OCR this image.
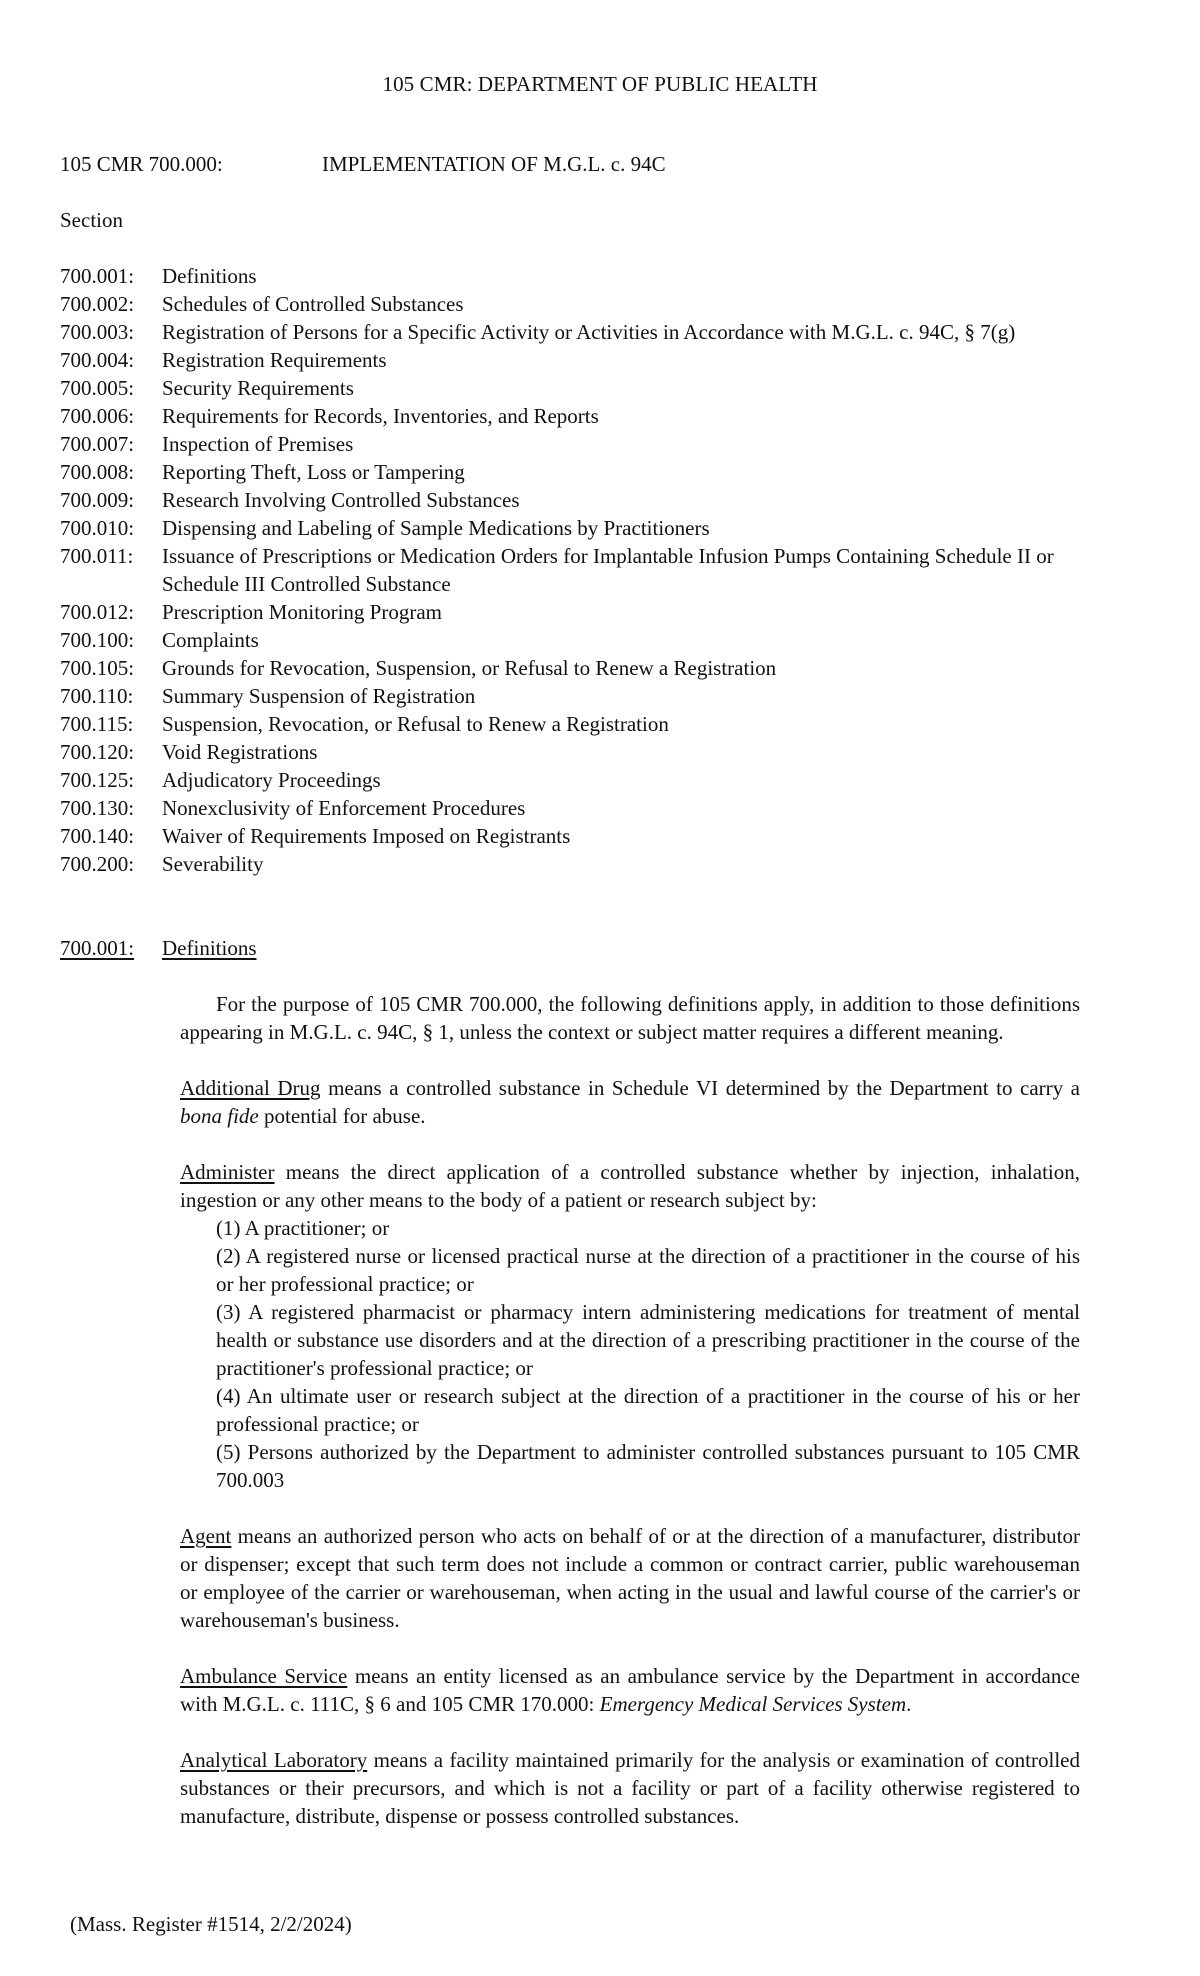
105 CMR: DEPARTMENT OF PUBLIC HEALTH
105 CMR 700.000:	IMPLEMENTATION OF M.G.L. c. 94C
Section
700.001:	Definitions
700.002:	Schedules of Controlled Substances
700.003:	Registration of Persons for a Specific Activity or Activities in Accordance with M.G.L. c. 94C, § 7(g)
700.004:	Registration Requirements
700.005:	Security Requirements
700.006:	Requirements for Records, Inventories, and Reports
700.007:	Inspection of Premises
700.008:	Reporting Theft, Loss or Tampering
700.009:	Research Involving Controlled Substances
700.010:	Dispensing and Labeling of Sample Medications by Practitioners
700.011:	Issuance of Prescriptions or Medication Orders for Implantable Infusion Pumps Containing Schedule II or Schedule III Controlled Substance
700.012:	Prescription Monitoring Program
700.100:	Complaints
700.105:	Grounds for Revocation, Suspension, or Refusal to Renew a Registration
700.110:	Summary Suspension of Registration
700.115:	Suspension, Revocation, or Refusal to Renew a Registration
700.120:	Void Registrations
700.125:	Adjudicatory Proceedings
700.130:	Nonexclusivity of Enforcement Procedures
700.140:	Waiver of Requirements Imposed on Registrants
700.200:	Severability
700.001: Definitions

For the purpose of 105 CMR 700.000, the following definitions apply, in addition to those definitions appearing in M.G.L. c. 94C, § 1, unless the context or subject matter requires a different meaning.

Additional Drug means a controlled substance in Schedule VI determined by the Department to carry a bona fide potential for abuse.

Administer means the direct application of a controlled substance whether by injection, inhalation, ingestion or any other means to the body of a patient or research subject by:
(1) A practitioner; or
(2) A registered nurse or licensed practical nurse at the direction of a practitioner in the course of his or her professional practice; or
(3) A registered pharmacist or pharmacy intern administering medications for treatment of mental health or substance use disorders and at the direction of a prescribing practitioner in the course of the practitioner's professional practice; or
(4) An ultimate user or research subject at the direction of a practitioner in the course of his or her professional practice; or
(5) Persons authorized by the Department to administer controlled substances pursuant to 105 CMR 700.003

Agent means an authorized person who acts on behalf of or at the direction of a manufacturer, distributor or dispenser; except that such term does not include a common or contract carrier, public warehouseman or employee of the carrier or warehouseman, when acting in the usual and lawful course of the carrier's or warehouseman's business.

Ambulance Service means an entity licensed as an ambulance service by the Department in accordance with M.G.L. c. 111C, § 6 and 105 CMR 170.000: Emergency Medical Services System.

Analytical Laboratory means a facility maintained primarily for the analysis or examination of controlled substances or their precursors, and which is not a facility or part of a facility otherwise registered to manufacture, distribute, dispense or possess controlled substances.

(Mass. Register #1514, 2/2/2024)
